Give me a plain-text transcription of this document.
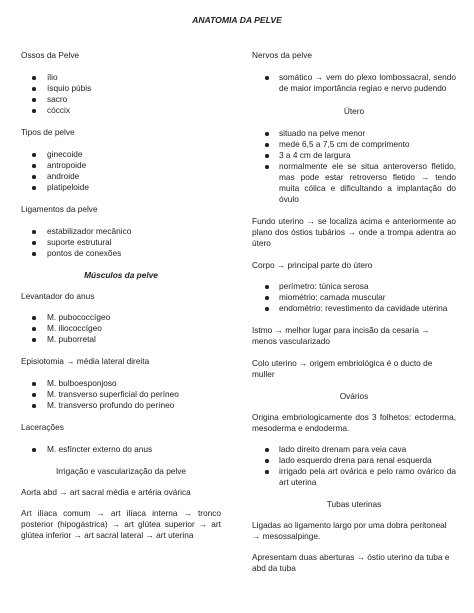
ANATOMIA DA PELVE

Ossos da Pelve

ílio
ísquio púbis
sacro
cóccix

Tipos de pelve

ginecoide
antropoide
androide
platipeloide

Ligamentos da pelve

estabilizador mecânico
suporte estrutural
pontos de conexões

Músculos da pelve

Levantador do anus

M. pubococcígeo
M. iliococcígeo
M. puborretal

Episiotomia → média lateral direita

M. bulboesponjoso
M. transverso superficial do períneo
M. transverso profundo do períneo

Lacerações

M. esfíncter externo do anus

Irrigação e vascularização da pelve

Aorta abd → art sacral média e artéria ovárica

Art ilíaca comum → art ilíaca interna → tronco posterior (hipogástrica) → art glútea superior → art glútea inferior → art sacral lateral → art uterina

Nervos da pelve

somático → vem do plexo lombossacral, sendo de maior importância regiao e nervo pudendo

Útero

situado na pelve menor
mede 6,5 a 7,5 cm de comprimento
3 a 4 cm de largura
normalmente ele se situa anteroverso fletido, mas pode estar retroverso fletido → tendo muita cólica e dificultando a implantação do óvulo

Fundo uterino → se localiza acima e anteriormente ao plano dos óstios tubários → onde a trompa adentra ao útero

Corpo → principal parte do útero

perímetro: túnica serosa
miométrio: camada muscular
endométrio: revestimento da cavidade uterina

Istmo → melhor lugar para incisão da cesaria → menos vascularizado

Colo uterino → origem embriológica é o ducto de muller

Ovários

Origina embriologicamente dos 3 folhetos: ectoderma, mesoderma e endoderma.

lado direito drenam para veia cava
lado esquerdo drena para renal esquerda
irrigado pela art ovárica e pelo ramo ovárico da art uterina

Tubas uterinas

Ligadas ao ligamento largo por uma dobra peritoneal → mesossalpinge.

Apresentam duas aberturas → óstio uterino da tuba e abd da tuba
